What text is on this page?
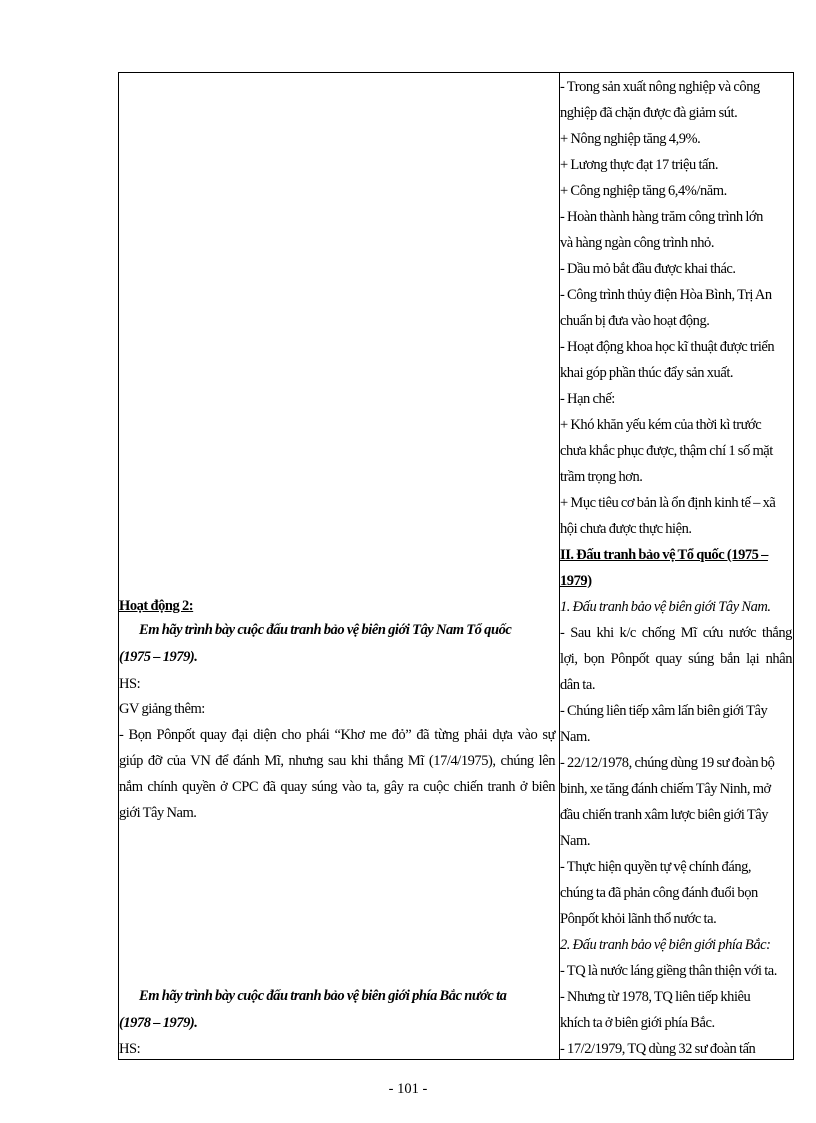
Hoạt động 2:
Em hãy trình bày cuộc đấu tranh bảo vệ biên giới Tây Nam Tổ quốc
(1975 – 1979).
HS:
GV giảng thêm:
- Bọn Pônpốt quay đại diện cho phái “Khơ me đỏ” đã từng phải dựa vào sự
giúp đỡ của VN để đánh Mĩ, nhưng sau khi thắng Mĩ (17/4/1975), chúng lên
nắm chính quyền ở CPC đã quay súng vào ta, gây ra cuộc chiến tranh ở biên
giới Tây Nam.
Em hãy trình bày cuộc đấu tranh bảo vệ biên giới phía Bắc nước ta
(1978 – 1979).
HS:
- Trong sản xuất nông nghiệp và công
nghiệp đã chặn được đà giảm sút.
+ Nông nghiệp tăng 4,9%.
+ Lương thực đạt 17 triệu tấn.
+ Công nghiệp tăng 6,4%/năm.
- Hoàn thành hàng trăm công trình lớn
và hàng ngàn công trình nhỏ.
- Dầu mỏ bắt đầu được khai thác.
- Công trình thủy điện Hòa Bình, Trị An
chuẩn bị đưa vào hoạt động.
- Hoạt động khoa học kĩ thuật được triển
khai góp phần thúc đẩy sản xuất.
- Hạn chế:
+ Khó khăn yếu kém của thời kì trước
chưa khắc phục được, thậm chí 1 số mặt
trầm trọng hơn.
+ Mục tiêu cơ bản là ổn định kinh tế – xã
hội chưa được thực hiện.
II. Đấu tranh bảo vệ Tổ quốc (1975 –
1979)
1. Đấu tranh bảo vệ biên giới Tây Nam.
- Sau khi k/c chống Mĩ cứu nước thắng
lợi, bọn Pônpốt quay súng bắn lại nhân
dân ta.
- Chúng liên tiếp xâm lấn biên giới Tây
Nam.
- 22/12/1978, chúng dùng 19 sư đoàn bộ
binh, xe tăng đánh chiếm Tây Ninh, mở
đầu chiến tranh xâm lược biên giới Tây
Nam.
- Thực hiện quyền tự vệ chính đáng,
chúng ta đã phản công đánh đuổi bọn
Pônpốt khỏi lãnh thổ nước ta.
2. Đấu tranh bảo vệ biên giới phía Bắc:
- TQ là nước láng giềng thân thiện với ta.
- Nhưng từ 1978, TQ liên tiếp khiêu
khích ta ở biên giới phía Bắc.
- 17/2/1979, TQ dùng 32 sư đoàn tấn
- 101 -
